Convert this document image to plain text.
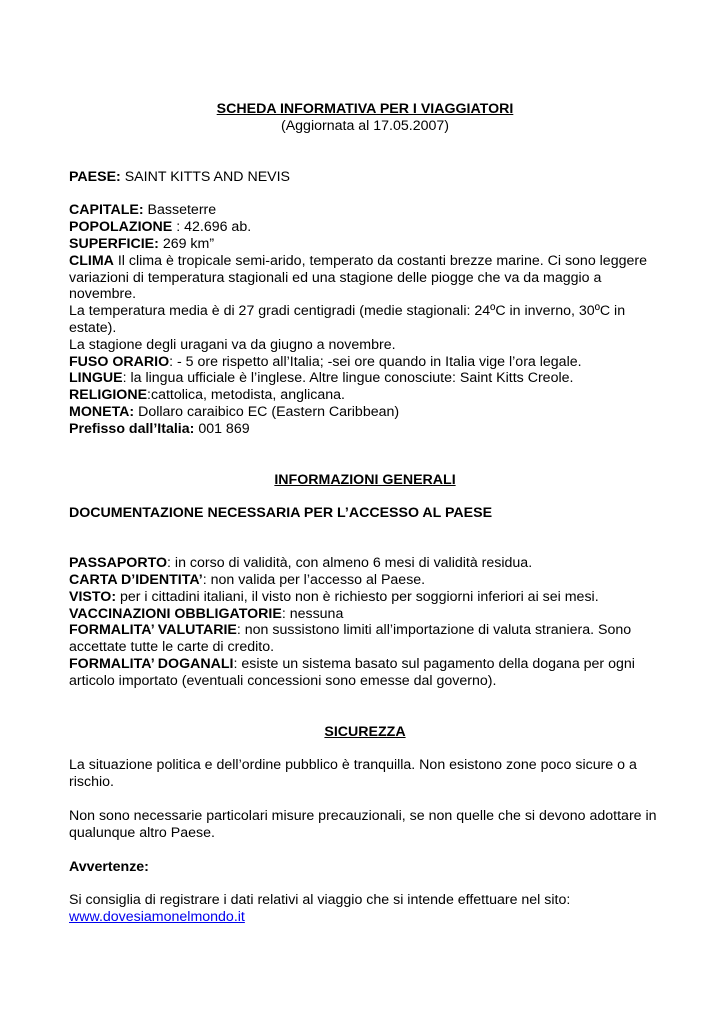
SCHEDA INFORMATIVA PER I VIAGGIATORI

(Aggiornata al 17.05.2007)

PAESE: SAINT KITTS AND NEVIS

CAPITALE: Basseterre

POPOLAZIONE : 42.696 ab.

SUPERFICIE: 269 km”

CLIMA Il clima è tropicale semi-arido, temperato da costanti brezze marine. Ci sono leggere variazioni di temperatura stagionali ed una stagione delle piogge che va da maggio a novembre.

La temperatura media è di 27 gradi centigradi (medie stagionali: 24ºC in inverno, 30ºC in estate).

La stagione degli uragani va da giugno a novembre.

FUSO ORARIO: - 5 ore rispetto all’Italia; -sei ore quando in Italia vige l’ora legale.

LINGUE: la lingua ufficiale è l’inglese. Altre lingue conosciute: Saint Kitts Creole.

RELIGIONE:cattolica, metodista, anglicana.

MONETA: Dollaro caraibico EC (Eastern Caribbean)

Prefisso dall’Italia: 001 869

INFORMAZIONI GENERALI

DOCUMENTAZIONE NECESSARIA PER L’ACCESSO AL PAESE

PASSAPORTO: in corso di validità, con almeno 6 mesi di validità residua.

CARTA D’IDENTITA’: non valida per l’accesso al Paese.

VISTO: per i cittadini italiani, il visto non è richiesto per soggiorni inferiori ai sei mesi.

VACCINAZIONI OBBLIGATORIE: nessuna

FORMALITA’ VALUTARIE: non sussistono limiti all’importazione di valuta straniera. Sono accettate tutte le carte di credito.

FORMALITA’ DOGANALI: esiste un sistema basato sul pagamento della dogana per ogni articolo importato (eventuali concessioni sono emesse dal governo).

SICUREZZA

La situazione politica e dell’ordine pubblico è tranquilla. Non esistono zone poco sicure o a rischio.

Non sono necessarie particolari misure precauzionali, se non quelle che si devono adottare in qualunque altro Paese.

Avvertenze:

Si consiglia di registrare i dati relativi al viaggio che si intende effettuare nel sito:

www.dovesiamonelmondo.it
